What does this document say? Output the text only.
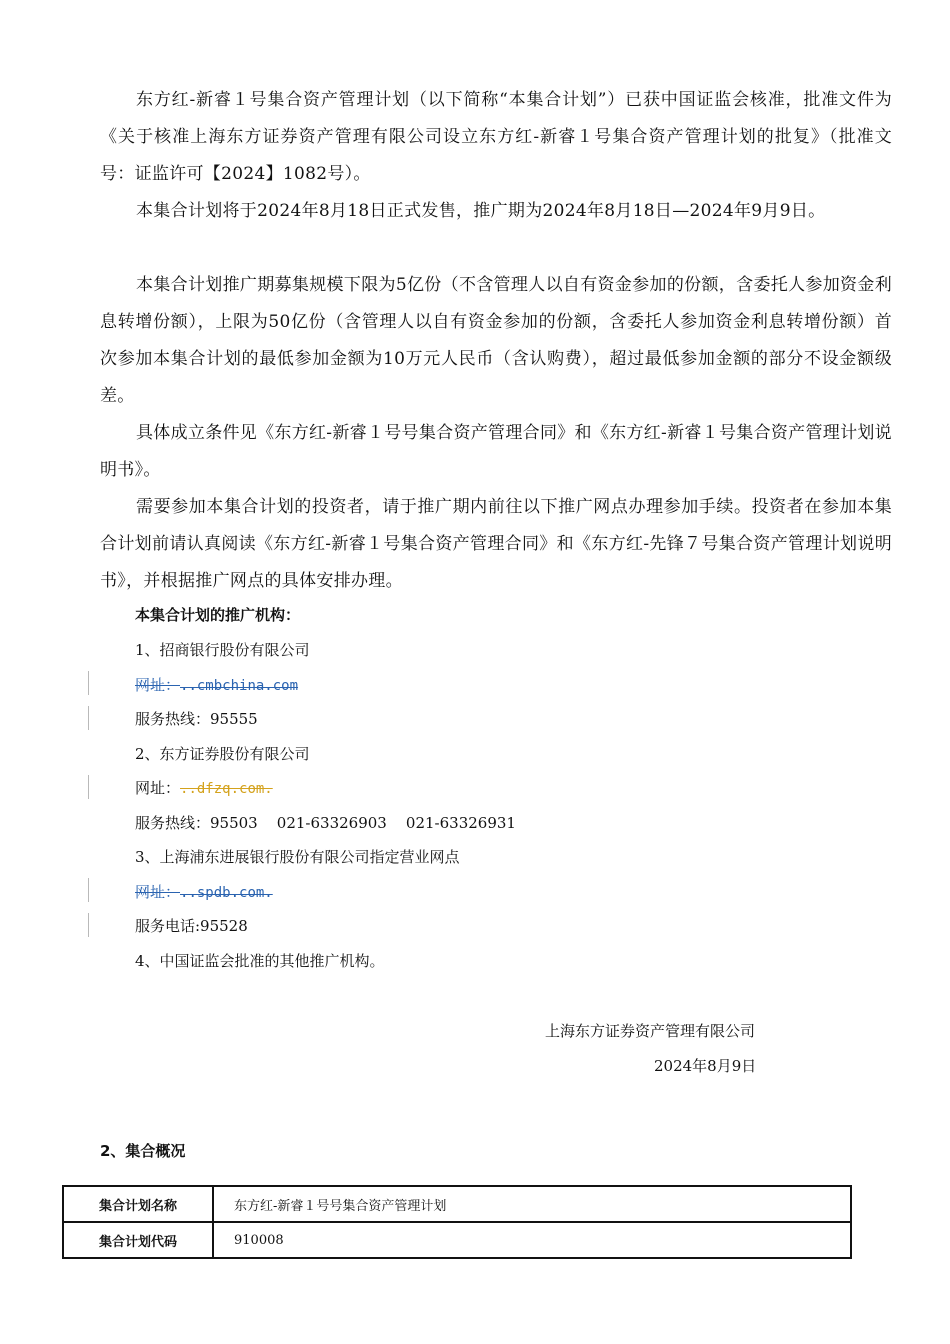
东方红-新睿１号集合资产管理计划（以下简称“本集合计划”）已获中国证监会核准，批准文件为《关于核准上海东方证券资产管理有限公司设立东方红-新睿１号集合资产管理计划的批复》（批准文号：证监许可【2024】1082号）。

本集合计划将于2024年8月18日正式发售，推广期为2024年8月18日—2024年9月9日。

本集合计划推广期募集规模下限为5亿份（不含管理人以自有资金参加的份额，含委托人参加资金利息转增份额），上限为50亿份（含管理人以自有资金参加的份额，含委托人参加资金利息转增份额）首次参加本集合计划的最低参加金额为10万元人民币（含认购费），超过最低参加金额的部分不设金额级差。

具体成立条件见《东方红-新睿１号号集合资产管理合同》和《东方红-新睿１号集合资产管理计划说明书》。

需要参加本集合计划的投资者，请于推广期内前往以下推广网点办理参加手续。投资者在参加本集合计划前请认真阅读《东方红-新睿１号集合资产管理合同》和《东方红-先锋７号集合资产管理计划说明书》，并根据推广网点的具体安排办理。

本集合计划的推广机构：
1、招商银行股份有限公司
网址：..cmbchina.com
服务热线：95555
2、东方证券股份有限公司
网址：..dfzq.com.
服务热线：95503    021-63326903    021-63326931
3、上海浦东进展银行股份有限公司指定营业网点
网址：..spdb.com.
服务电话:95528
4、中国证监会批准的其他推广机构。
上海东方证券资产管理有限公司
2024年8月9日
2、集合概况
集合计划名称	东方红-新睿１号号集合资产管理计划
集合计划代码	910008
